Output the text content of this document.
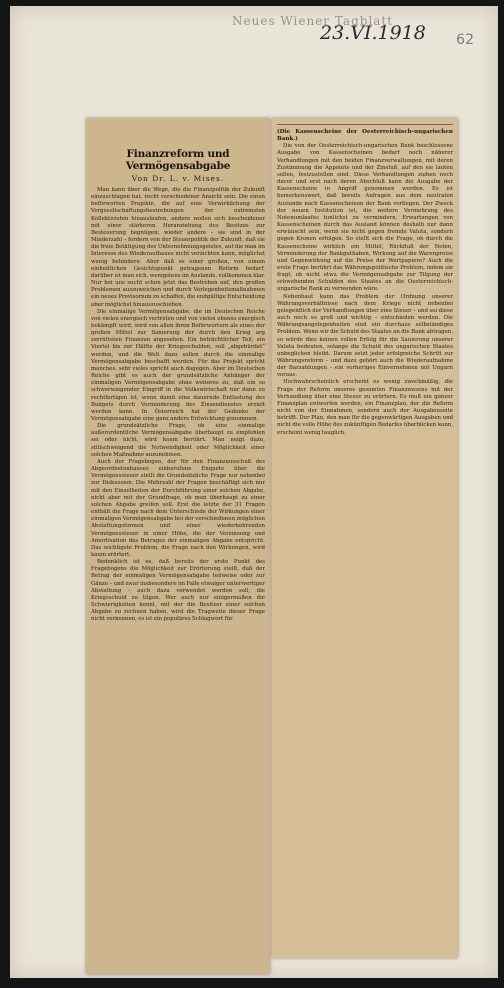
Neues Wiener Tagblatt
23.VI.1918 62
Finanzreform und Vermögensabgabe
Von Dr. L. v. Mises.

Man kann über die Wege, die die Finanzpolitik der Zukunft einzuschlagen hat, recht verschiedener Ansicht sein. Die einen befürworten Projekte, die auf eine Verwirklichung der Vergesellschaftungsbestrebungen der extremsten Kollektivisten hinauslaufen, andere wollen sich bescheidener mit einer stärkeren Heranziehung des Besitzes zur Besteuerung begnügen; wieder andere – sie sind in der Minderzahl – fordern von der Steuerpolitik der Zukunft, daß sie die freie Betätigung des Unternehmungsgeistes, auf die man im Interesse des Wiederaufbaues nicht verzichten kann, möglichst wenig behindere. Aber daß es einer großen, von einem einheitlichen Gesichtspunkt getragenen Reform bedarf, darüber ist man sich, wenigstens im Auslande, vollkommen klar. Nur bei uns sucht schon jetzt das Bestreben auf, den großen Problemen auszuweichen und durch Verlegenheitsmaßnahmen ein neues Provisorium zu schaffen, die endgültige Entscheidung aber möglichst hinauszuschieben.

Die einmalige Vermögensabgabe, die im Deutschen Reiche von vielen energisch vertreten und von vielen ebenso energisch bekämpft wird, wird von allen ihren Befürwortern als eines der großen Mittel zur Sanierung der durch den Krieg arg zerrütteten Finanzen angesehen. Ein beträchtlicher Teil, ein Viertel bis zur Hälfte der Kriegsschulden, soll „abgebürdet“ werden, und die Welt dazu sollen durch die einmalige Vermögensabgabe beschafft werden. Für das Projekt spricht manches, sehr vieles spricht auch dagegen. Aber im Deutschen Reiche gibt es auch der grundsätzliche Anhänger der einmaligen Vermögensabgabe ohne weiteres zu, daß ein so schwerwiegender Eingriff in die Volkswirtschaft nur dann zu rechtfertigen ist, wenn damit eine dauernde Entlastung des Budgets durch Verminderung des Zinsendienstes erzielt werden kann. In Österreich hat der Gedanke der Vermögensabgabe eine ganz andere Entwicklung genommen.

Die grundsätzliche Frage, ob eine einmalige außerordentliche Vermögensabgabe überhaupt zu empfehlen sei oder nicht, wird kaum berührt. Man neigt dazu, stillschweigend die Notwendigkeit oder Möglichkeit einer solchen Maßnahme anzunehmen.

Auch der Fragebogen, der für den Finanzausschuß des Abgeordnetenhauses einberufene Enquete über die Vermögenssteuer stellt die Grundsätzliche Frage nur nebenbei zur Diskussion. Die Mehrzahl der Fragen beschäftigt sich nur mit den Einzelheiten der Durchführung einer solchen Abgabe, nicht aber mit der Grundfrage, ob man überhaupt zu einer solchen Abgabe greifen soll. Erst die letzte der 31 Fragen enthält die Frage nach dem Unterschiede der Wirkungen einer einmaligen Vermögensabgabe bei der verschiedenen möglichen Abstattungsformen und einer wiederkehrenden Vermögenssteuer in einer Höhe, die der Verzinsung und Amortisation des Betrages der einmaligen Abgabe entspricht. Das wichtigste Problem, die Frage nach den Wirkungen, wird kaum erörtert.

Bedenklich ist es, daß bereits der erste Punkt des Fragebogens die Möglichkeit zur Erörterung stellt, daß der Betrag der einmaligen Vermögensabgabe teilweise oder zur Gänze – und zwar insbesondere im Falle etwaiger unterwertiger Abstattung – auch dazu verwendet werden soll, die Kriegsschuld zu tilgen. Wer auch nur einigermaßen die Schwierigkeiten kennt, mit der die Besitzer einer solchen Abgabe zu rechnen haben, wird die Tragweite dieser Frage nicht verkennen, es ist ein populäres Schlagwort für

(Die Kassenscheine der Oesterreichisch-ungarischen Bank.)

Die von der Oesterreichisch-ungarischen Bank beschlossene Ausgabe von Kassenscheinen bedarf noch näherer Verhandlungen mit den beiden Finanzverwaltungen, mit deren Zustimmung die Appoints und der Zinsfuß, auf den sie lauten sollen, festzustellen sind. Diese Verhandlungen ziehen noch davor und erst nach deren Abschluß kann die Ausgabe der Kassenscheine in Angriff genommen werden. Es ist bemerkenswert, daß bereits Anfragen aus dem neutralen Auslande nach Kassenscheinen der Bank vorliegen. Der Zweck der neuen Institution ist, die weitere Vermehrung des Notenumlaufes tunlichst zu vermindern. Erwartungen von Kassenscheinen durch das Ausland können deshalb nur dann erwünscht sein, wenn sie nicht gegen fremde Valuta, sondern gegen Kronen erfolgen. So stellt sich die Frage, ob durch die Kassenscheine wirklich ein Mittel, Rückfluß der Noten, Verminderung der Bankguthaben, Wirkung auf die Warenpreise und Gegenwirkung auf die Preise der Wertpapiere? Auch die erste Frage berührt das Währungspolitische Problem, indem sie fragt, ob nicht etwa die Vermögensabgabe zur Tilgung der schwebenden Schulden des Staates an die Oesterreichisch-ungarische Bank zu verwenden wäre.

Nebenbaut kann das Problem der Ordnung unserer Währungsverhältnisse nach dem Kriege nicht nebenbei gelegentlich der Verhandlungen über eine Steuer – und sei diese auch noch so groß und wichtig – entschieden werden. Die Währungsangelegenheiten sind ein durchaus selbständiges Problem. Wenn wir die Schuld des Staates an die Bank abtragen, so würde dies keinen vollen Erfolg für die Sanierung unserer Valuta bedeuten, solange die Schuld des ungarischen Staates unbeglichen bleibt. Darum setzt jeder erfolgreiche Schritt zur Währungsreform – und dazu gehört auch die Wiederaufnahme der Barzahlungen – ein vorheriges Einvernehmen mit Ungarn voraus.

Hochwahrscheinlich erscheint es wenig zweckmäßig, die Frage der Reform unseres gesamten Finanzwesens mit der Verhandlung über eine Steuer zu erörtern. Es muß ein ganzer Finanzplan entworfen werden, ein Finanzplan, der die Reform nicht von der Einnahmen, sondern auch der Ausgabenseite betrifft. Der Plan, den man für die gegenwärtigen Ausgaben und nicht die volle Höhe des zukünftigen Bedarfes überblicken kann, erscheint wenig tauglich.
